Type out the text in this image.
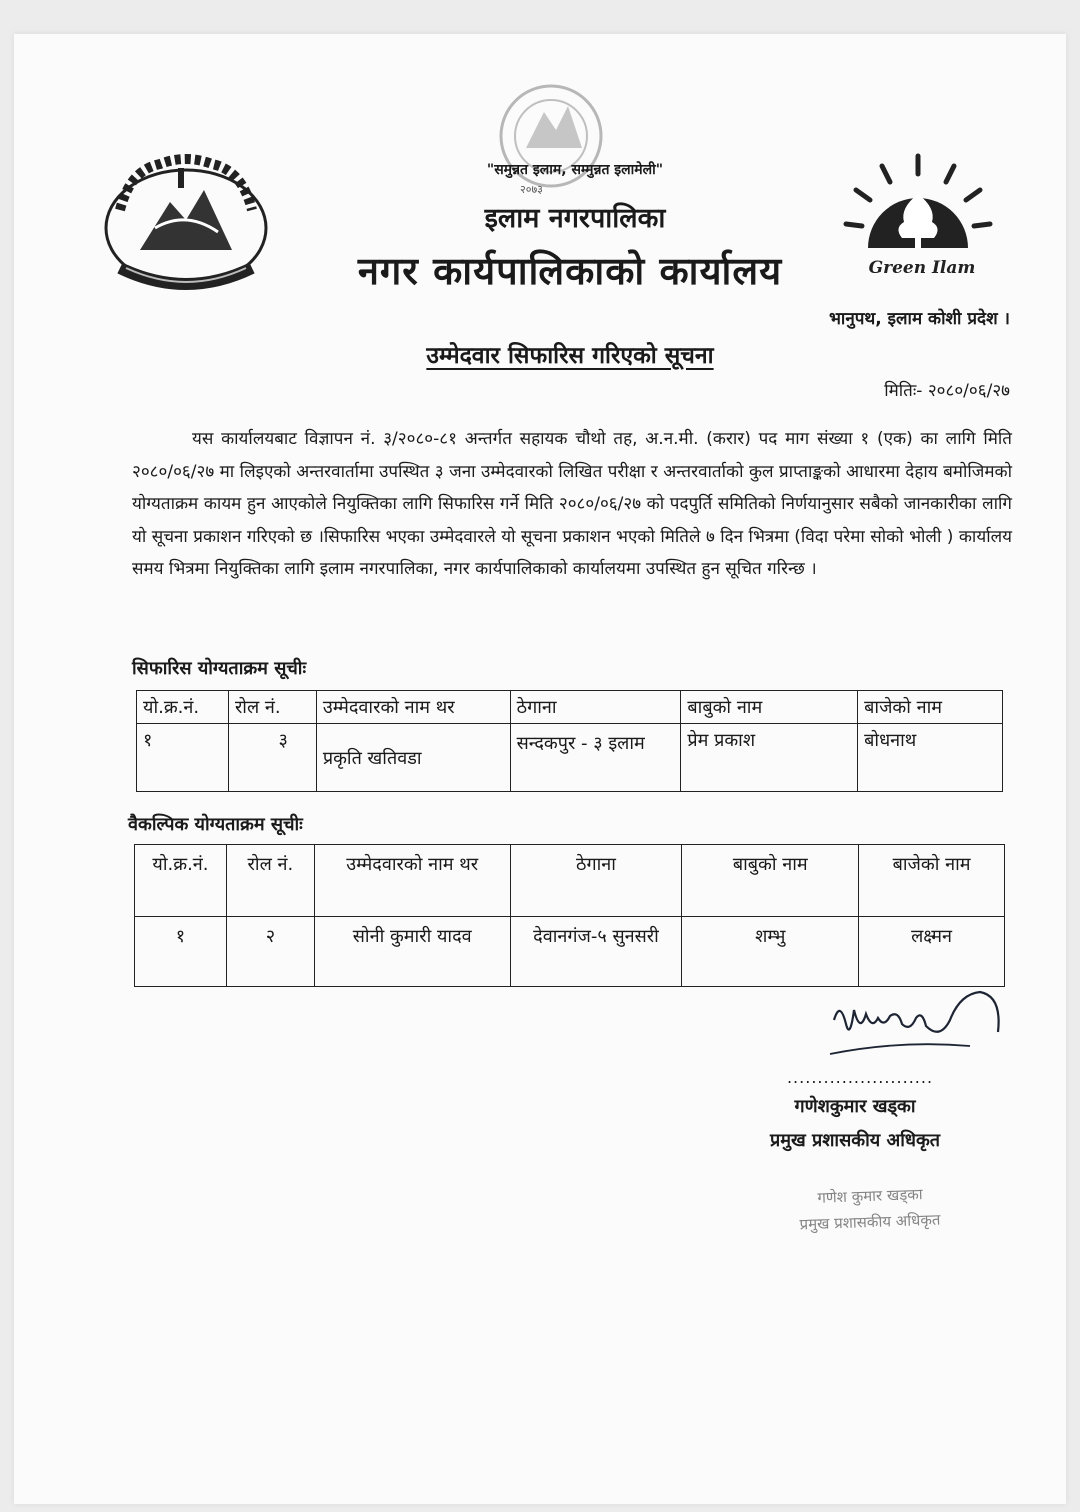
"समुन्नत इलाम, सम्मुन्नत इलामेली"
२०७३
इलाम नगरपालिका
नगर कार्यपालिकाको कार्यालय	Green Ilam
भानुपथ, इलाम कोशी प्रदेश ।
उम्मेदवार सिफारिस गरिएको सूचना
मितिः- २०८०/०६/२७
यस कार्यालयबाट विज्ञापन नं. ३/२०८०-८१ अन्तर्गत सहायक चौथो तह, अ.न.मी. (करार) पद माग संख्या १ (एक) का लागि मिति २०८०/०६/२७ मा लिइएको अन्तरवार्तामा उपस्थित ३ जना उम्मेदवारको लिखित परीक्षा र अन्तरवार्ताको कुल प्राप्ताङ्कको आधारमा देहाय बमोजिमको योग्यताक्रम कायम हुन आएकोले नियुक्तिका लागि सिफारिस गर्ने मिति २०८०/०६/२७ को पदपुर्ति समितिको निर्णयानुसार सबैको जानकारीका लागि यो सूचना प्रकाशन गरिएको छ ।सिफारिस भएका उम्मेदवारले यो सूचना प्रकाशन भएको मितिले ७ दिन भित्रमा (विदा परेमा सोको भोली ) कार्यालय समय भित्रमा नियुक्तिका लागि इलाम नगरपालिका, नगर कार्यपालिकाको कार्यालयमा उपस्थित हुन सूचित गरिन्छ ।
सिफारिस योग्यताक्रम सूचीः
यो.क्र.नं.	रोल नं.	उम्मेदवारको नाम थर	ठेगाना	बाबुको नाम	बाजेको नाम
१	३	प्रकृति खतिवडा	सन्दकपुर - ३ इलाम	प्रेम प्रकाश	बोधनाथ
वैकल्पिक योग्यताक्रम सूचीः
यो.क्र.नं.	रोल नं.	उम्मेदवारको नाम थर	ठेगाना	बाबुको नाम	बाजेको नाम
१	२	सोनी कुमारी यादव	देवानगंज-५ सुनसरी	शम्भु	लक्ष्मन
........................
गणेशकुमार खड्का
प्रमुख प्रशासकीय अधिकृत
गणेश कुमार खड्का
प्रमुख प्रशासकीय अधिकृत
